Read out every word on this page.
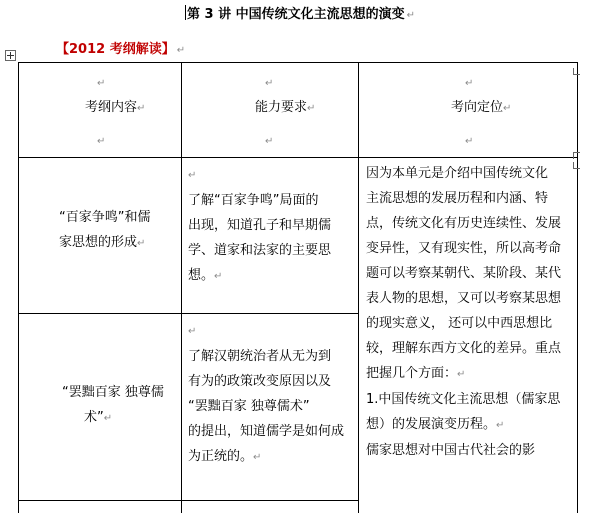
第 3 讲 中国传统文化主流思想的演变 ↵
【2012 考纲解读】 ↵
↵
考纲内容↵
↵
↵
能力要求↵
↵
↵
考向定位↵
↵
“百家争鸣”和儒
家思想的形成↵
↵
了解“百家争鸣”局面的
出现，知道孔子和早期儒
学、道家和法家的主要思
想。↵
“罢黜百家 独尊儒
术”↵
↵
了解汉朝统治者从无为到
有为的政策改变原因以及
“罢黜百家 独尊儒术”
的提出，知道儒学是如何成
为正统的。↵
因为本单元是介绍中国传统文化
主流思想的发展历程和内涵、特
点，传统文化有历史连续性、发展
变异性，又有现实性，所以高考命
题可以考察某朝代、某阶段、某代
表人物的思想，又可以考察某思想
的现实意义， 还可以中西思想比
较，理解东西方文化的差异。重点
把握几个方面：↵
1.中国传统文化主流思想（儒家思
想）的发展演变历程。↵
儒家思想对中国古代社会的影
